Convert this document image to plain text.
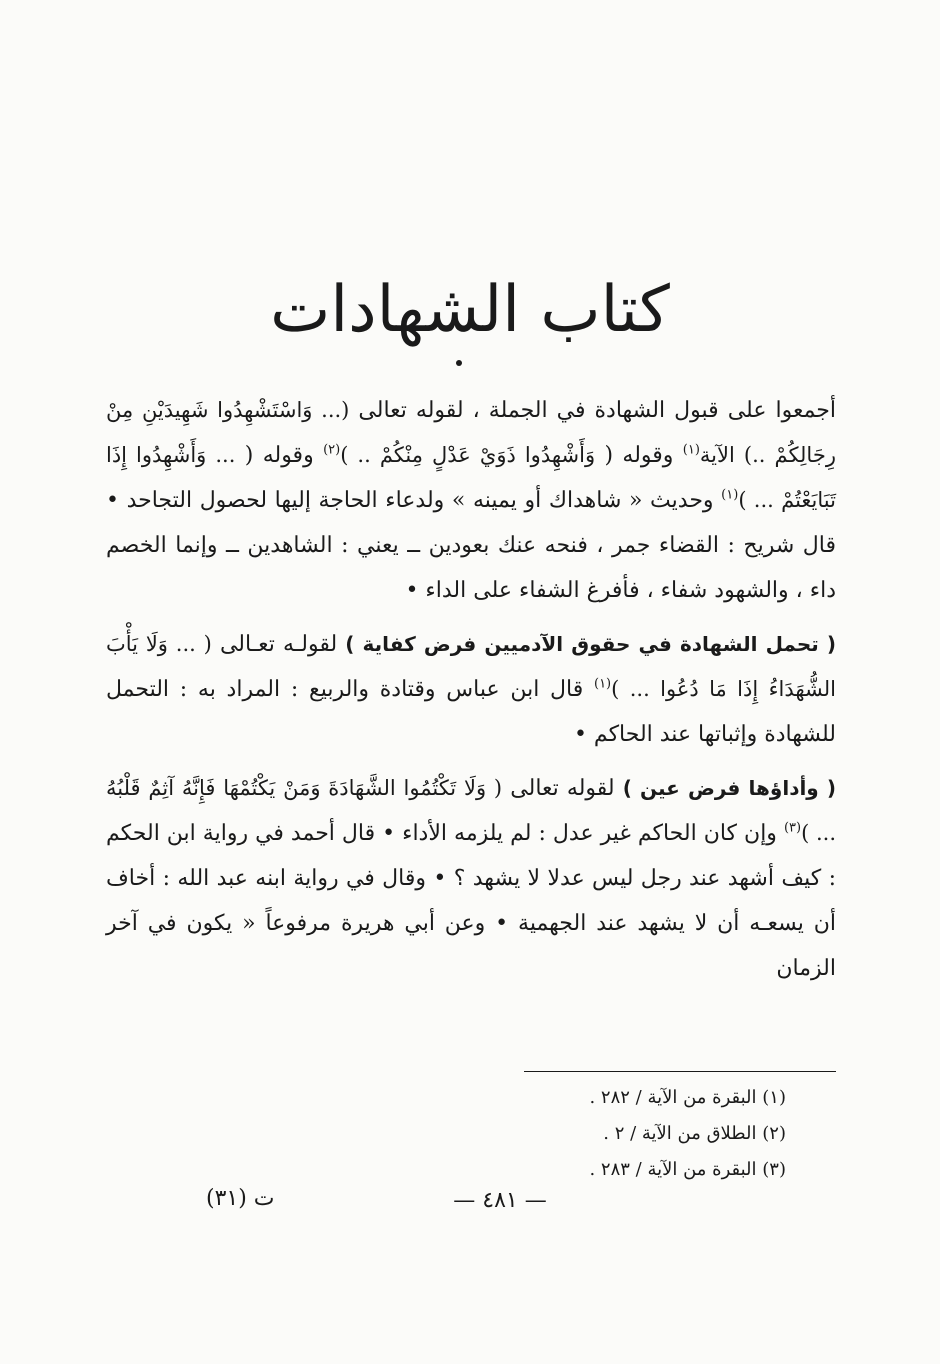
كتاب الشهادات

أجمعوا على قبول الشهادة في الجملة ، لقوله تعالى (... وَاسْتَشْهِدُوا شَهِيدَيْنِ مِنْ رِجَالِكُمْ ..) الآية$^{(١)}$ وقوله ( وَأَشْهِدُوا ذَوَيْ عَدْلٍ مِنْكُمْ .. )$^{(٢)}$ وقوله ( ... وَأَشْهِدُوا إِذَا تَبَايَعْتُمْ ... )$^{(١)}$ وحديث « شاهداك أو يمينه » ولدعاء الحاجة إليها لحصول التجاحد • قال شريح : القضاء جمر ، فنحه عنك بعودين ــ يعني : الشاهدين ــ وإنما الخصم داء ، والشهود شفاء ، فأفرغ الشفاء على الداء •

( تحمل الشهادة في حقوق الآدميين فرض كفاية ) لقولـه تعـالى ( ... وَلَا يَأْبَ الشُّهَدَاءُ إِذَا مَا دُعُوا ... )$^{(١)}$ قال ابن عباس وقتادة والربيع : المراد به : التحمل للشهادة وإثباتها عند الحاكم •

( وأداؤها فرض عين ) لقوله تعالى ( وَلَا تَكْتُمُوا الشَّهَادَةَ وَمَنْ يَكْتُمْهَا فَإِنَّهُ آثِمٌ قَلْبُهُ ... )$^{(٣)}$ وإن كان الحاكم غير عدل : لم يلزمه الأداء • قال أحمد في رواية ابن الحكم : كيف أشهد عند رجل ليس عدلا لا يشهد ؟ • وقال في رواية ابنه عبد الله : أخاف أن يسعـه أن لا يشهد عند الجهمية • وعن أبي هريرة مرفوعاً « يكون في آخر الزمان

(١) البقرة من الآية / ٢٨٢ .
(٢) الطلاق من الآية / ٢ .
(٣) البقرة من الآية / ٢٨٣ .
— ٤٨١ —
ت (٣١)
